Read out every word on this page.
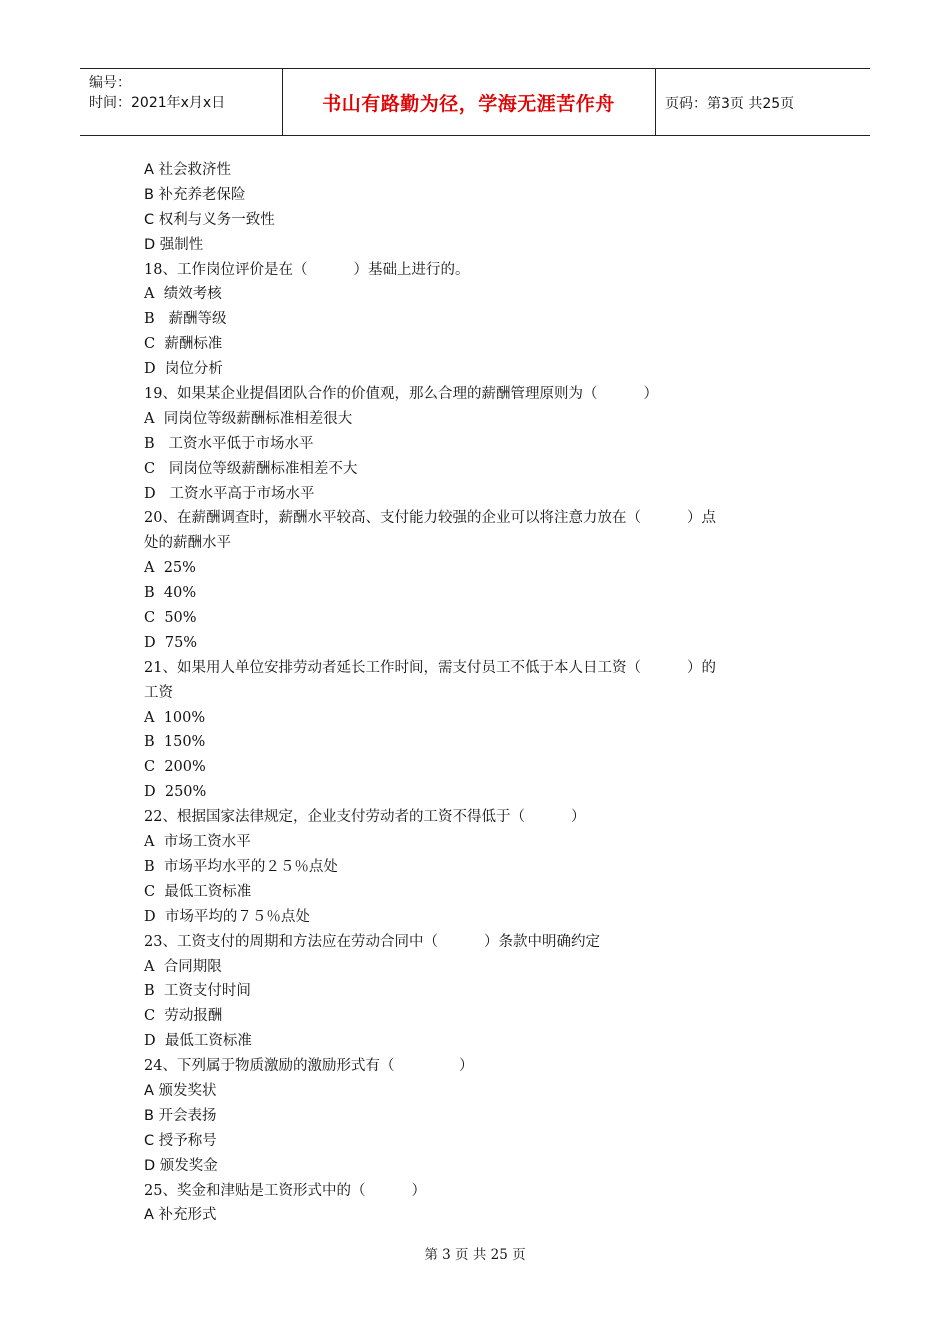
编号：
时间：2021年x月x日	书山有路勤为径，学海无涯苦作舟	页码：第3页 共25页
A 社会救济性
B 补充养老保险
C 权利与义务一致性
D 强制性
18、工作岗位评价是在（          ）基础上进行的。
A  绩效考核
B   薪酬等级
C  薪酬标准
D  岗位分析
19、如果某企业提倡团队合作的价值观，那么合理的薪酬管理原则为（          ）
A  同岗位等级薪酬标准相差很大
B   工资水平低于市场水平
C   同岗位等级薪酬标准相差不大
D   工资水平高于市场水平
20、在薪酬调查时，薪酬水平较高、支付能力较强的企业可以将注意力放在（          ）点
处的薪酬水平
A  25%
B  40%
C  50%
D  75%
21、如果用人单位安排劳动者延长工作时间，需支付员工不低于本人日工资（          ）的
工资
A  100%
B  150%
C  200%
D  250%
22、根据国家法律规定，企业支付劳动者的工资不得低于（          ）
A  市场工资水平
B  市场平均水平的２５％点处
C  最低工资标准
D  市场平均的７５％点处
23、工资支付的周期和方法应在劳动合同中（          ）条款中明确约定
A  合同期限
B  工资支付时间
C  劳动报酬
D  最低工资标准
24、下列属于物质激励的激励形式有（              ）
A 颁发奖状
B 开会表扬
C 授予称号
D 颁发奖金
25、奖金和津贴是工资形式中的（          ）
A 补充形式
第 3 页 共 25 页
